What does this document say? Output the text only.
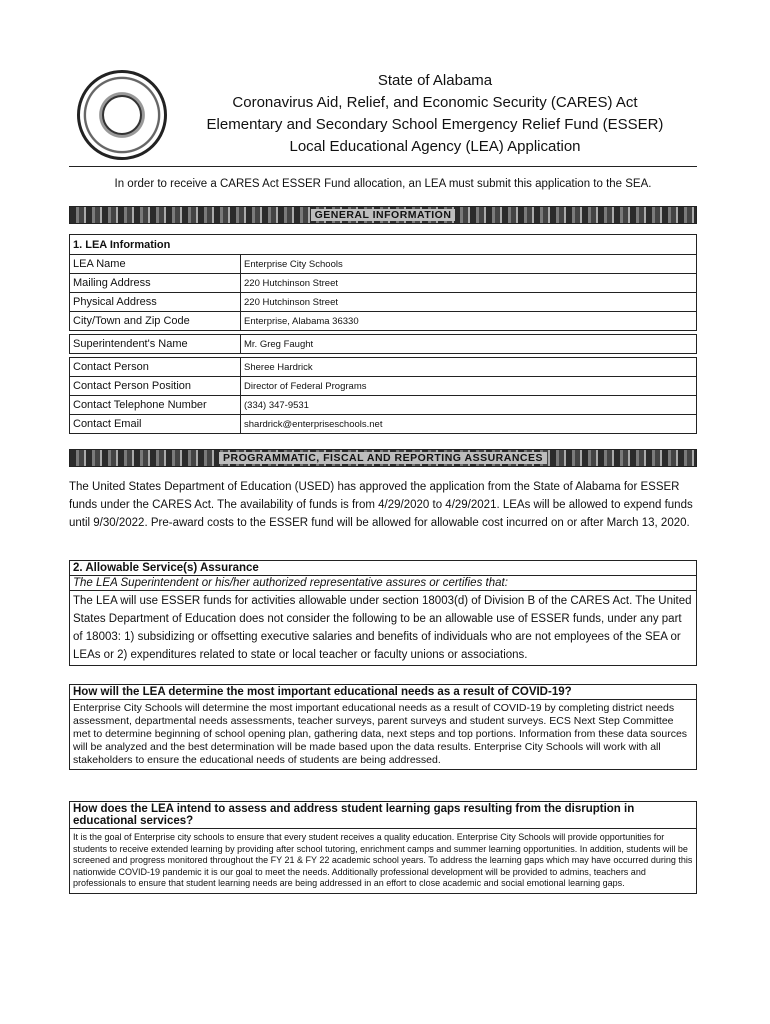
State of Alabama
Coronavirus Aid, Relief, and Economic Security (CARES) Act
Elementary and Secondary School Emergency Relief Fund (ESSER)
Local Educational Agency (LEA) Application
In order to receive a CARES Act ESSER Fund allocation, an LEA must submit this application to the SEA.
GENERAL INFORMATION
1. LEA Information	
LEA Name	Enterprise City Schools
Mailing Address	220 Hutchinson Street
Physical Address	220 Hutchinson Street
City/Town and Zip Code	Enterprise, Alabama 36330

Superintendent's Name	Mr. Greg Faught

Contact Person	Sheree Hardrick
Contact Person Position	Director of Federal Programs
Contact Telephone Number	(334) 347-9531
Contact Email	shardrick@enterpriseschools.net
PROGRAMMATIC, FISCAL AND REPORTING ASSURANCES
The United States Department of Education (USED) has approved the application from the State of Alabama for ESSER funds under the CARES Act. The availability of funds is from 4/29/2020 to 4/29/2021. LEAs will be allowed to expend funds until 9/30/2022. Pre-award costs to the ESSER fund will be allowed for allowable cost incurred on or after March 13, 2020.
2. Allowable Service(s) Assurance
The LEA Superintendent or his/her authorized representative assures or certifies that:
The LEA will use ESSER funds for activities allowable under section 18003(d) of Division B of the CARES Act. The United States Department of Education does not consider the following to be an allowable use of ESSER funds, under any part of 18003: 1) subsidizing or offsetting executive salaries and benefits of individuals who are not employees of the SEA or LEAs or 2) expenditures related to state or local teacher or faculty unions or associations.
How will the LEA determine the most important educational needs as a result of COVID-19?
Enterprise City Schools will determine the most important educational needs as a result of COVID-19 by completing district needs assessment, departmental needs assessments, teacher surveys, parent surveys and student surveys. ECS Next Step Committee met to determine beginning of school opening plan, gathering data, next steps and top portions. Information from these data sources will be analyzed and the best determination will be made based upon the data results. Enterprise City Schools will work with all stakeholders to ensure the educational needs of students are being addressed.
How does the LEA intend to assess and address student learning gaps resulting from the disruption in educational services?
It is the goal of Enterprise city schools to ensure that every student receives a quality education. Enterprise City Schools will provide opportunities for students to receive extended learning by providing after school tutoring, enrichment camps and summer learning opportunities. In addition, students will be screened and progress monitored throughout the FY 21 & FY 22 academic school years. To address the learning gaps which may have occurred during this nationwide COVID-19 pandemic it is our goal to meet the needs. Additionally professional development will be provided to admins, teachers and professionals to ensure that student learning needs are being addressed in an effort to close academic and social emotional learning gaps.
